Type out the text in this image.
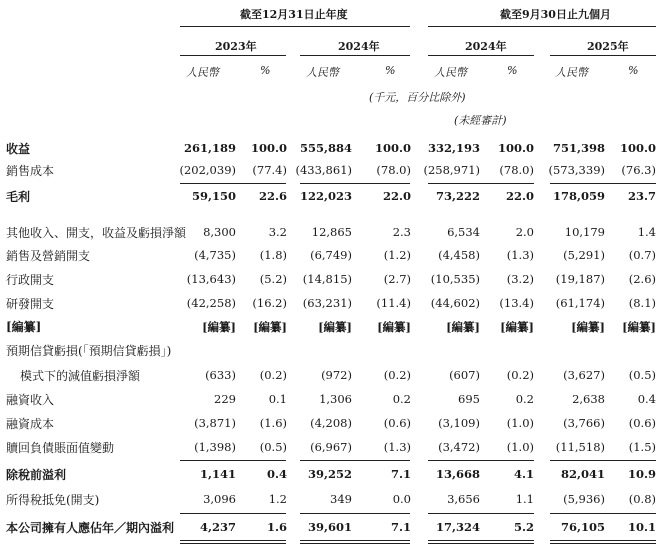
截至12月31日止年度	截至9月30日止九個月
2023年	2024年	2024年	2025年
人民幣	%	人民幣	%	人民幣	%	人民幣	%
(千元，百分比除外)
(未經審計)
收益	261,189 100.0 555,884 100.0 332,193 100.0 751,398 100.0
銷售成本	(202,039) (77.4) (433,861) (78.0) (258,971) (78.0) (573,339) (76.3)
毛利	59,150 22.6 122,023	22.0 73,222 22.0 178,059 23.7
其他收入、開支，收益及虧損淨額 8,300	3.2 12,865	2.3	6,534	2.0	10,179	1.4
銷售及營銷開支	(4,735) (1.8) (6,749)	(1.2) (4,458) (1.3)	(5,291) (0.7)
行政開支	(13,643) (5.2) (14,815)	(2.7) (10,535) (3.2) (19,187) (2.6)
研發開支	(42,258) (16.2) (63,231) (11.4) (44,602) (13.4) (61,174) (8.1)
[編纂]	[編纂] [編纂]	[編纂] [編纂]	[編纂] [編纂]	[編纂] [編纂]
預期信貸虧損(「預期信貸虧損」)
模式下的減值虧損淨額	(633) (0.2)	(972)	(0.2)	(607) (0.2)	(3,627) (0.5)
融資收入	229	0.1	1,306	0.2	695	0.2	2,638	0.4
融資成本	(3,871) (1.6) (4,208)	(0.6) (3,109) (1.0)	(3,766) (0.6)
贖回負債賬面值變動	(1,398) (0.5) (6,967)	(1.3) (3,472) (1.0) (11,518) (1.5)
除稅前溢利	1,141	0.4 39,252	7.1 13,668	4.1 82,041 10.9
所得稅抵免(開支)	3,096	1.2	349	0.0	3,656	1.1	(5,936) (0.8)
本公司擁有人應佔年／期內溢利 4,237	1.6 39,601	7.1 17,324	5.2 76,105 10.1
